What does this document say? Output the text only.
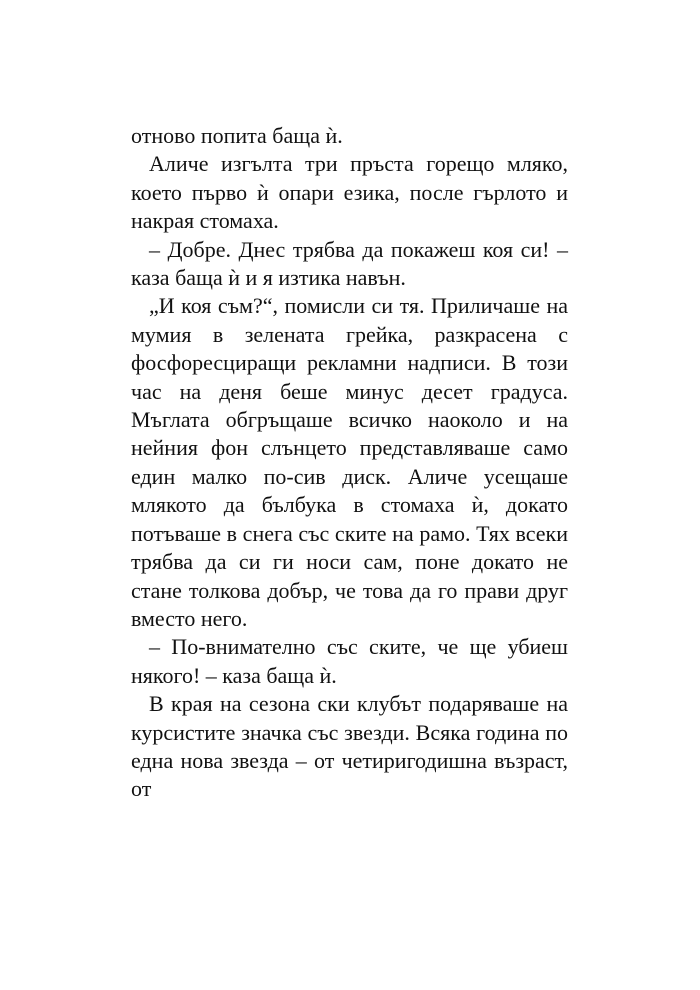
отново попита баща ѝ.

Аличе изгълта три пръста горещо мляко, което първо ѝ опари езика, после гърлото и накрая стомаха.

– Добре. Днес трябва да покажеш коя си! – каза баща ѝ и я изтика навън.

„И коя съм?“, помисли си тя. Приличаше на мумия в зелената грейка, разкрасена с фосфоресциращи рекламни надписи. В този час на деня беше минус десет градуса. Мъглата обгръщаше всичко наоколо и на нейния фон слънцето представляваше само един малко по-сив диск. Аличе усещаше млякото да бълбука в стомаха ѝ, докато потъваше в снега със ските на рамо. Тях всеки трябва да си ги носи сам, поне докато не стане толкова добър, че това да го прави друг вместо него.

– По-внимателно със ските, че ще убиеш някого! – каза баща ѝ.

В края на сезона ски клубът подаряваше на курсистите значка със звезди. Всяка година по една нова звезда – от четиригодишна възраст, от
